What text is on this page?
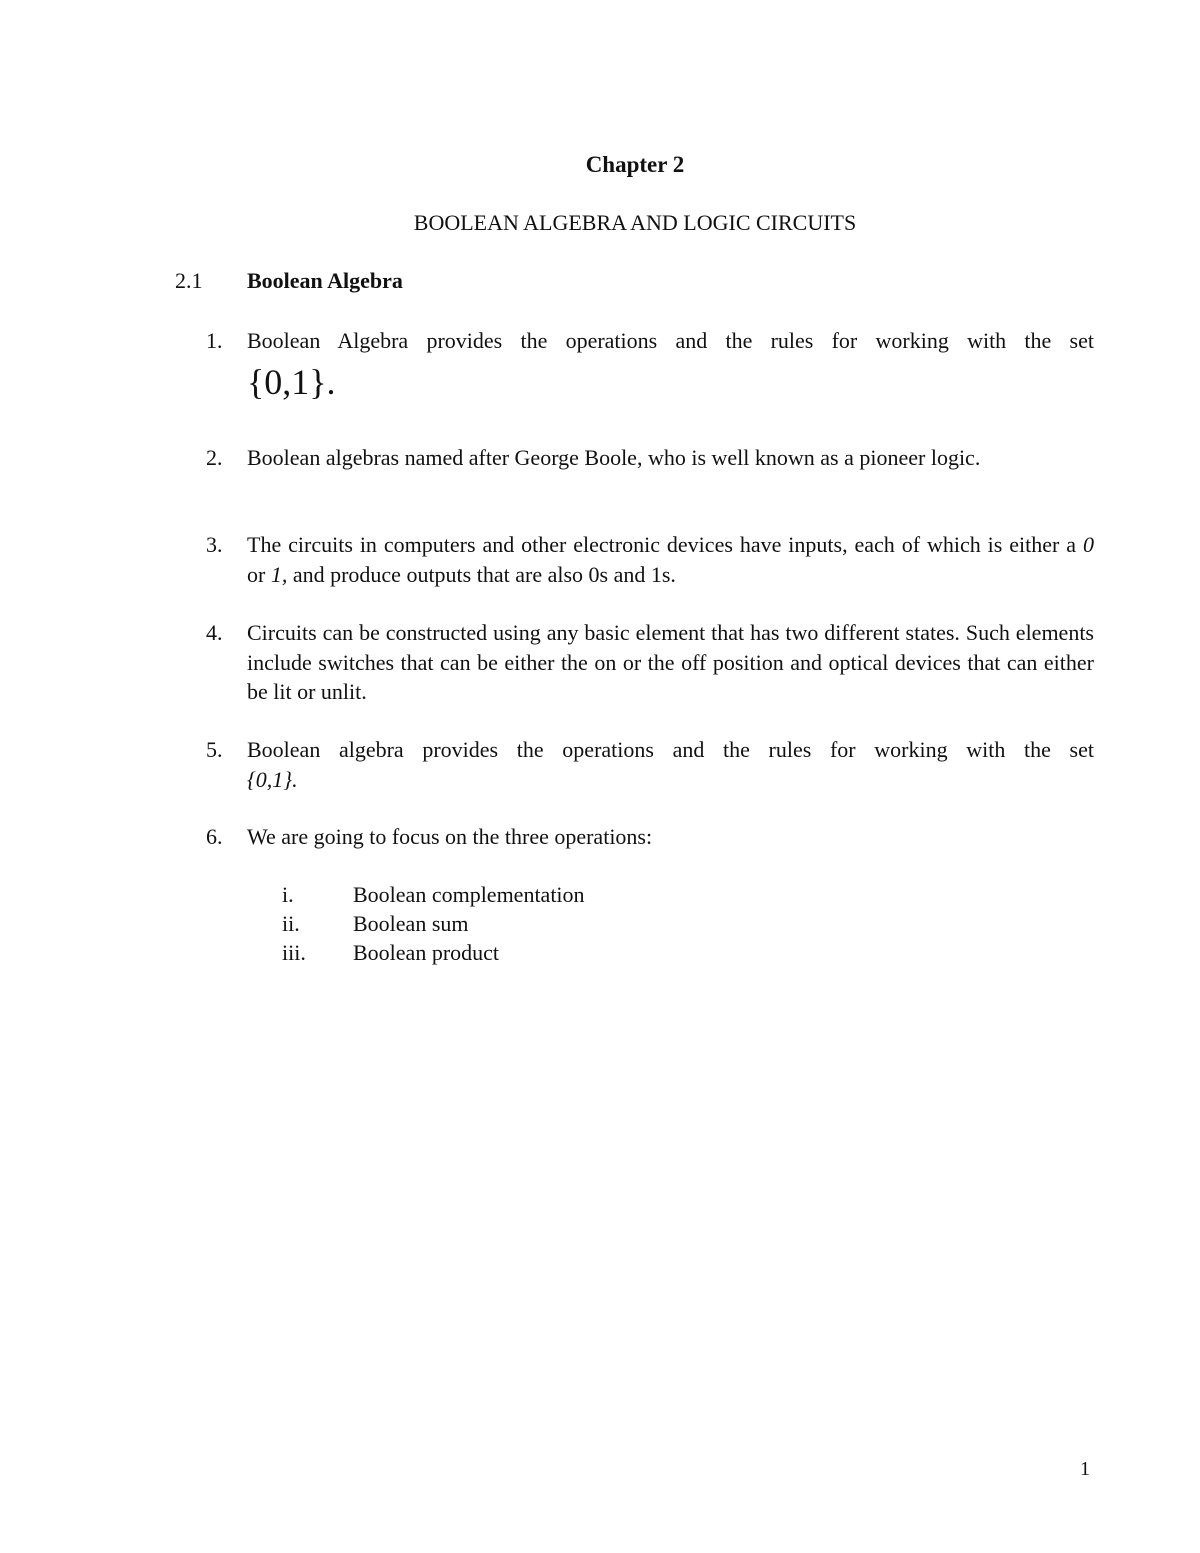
Chapter 2
BOOLEAN ALGEBRA AND LOGIC CIRCUITS
2.1 Boolean Algebra
1.	Boolean Algebra provides the operations and the rules for working with the set
{0,1}.
2.	Boolean algebras named after George Boole, who is well known as a pioneer logic.
3.	The circuits in computers and other electronic devices have inputs, each of which is either a 0 or 1, and produce outputs that are also 0s and 1s.
4.	Circuits can be constructed using any basic element that has two different states. Such elements include switches that can be either the on or the off position and optical devices that can either be lit or unlit.
5.	Boolean algebra provides the operations and the rules for working with the set
{0,1}.
6.	We are going to focus on the three operations:
i.	Boolean complementation
ii.	Boolean sum
iii.	Boolean product
1
